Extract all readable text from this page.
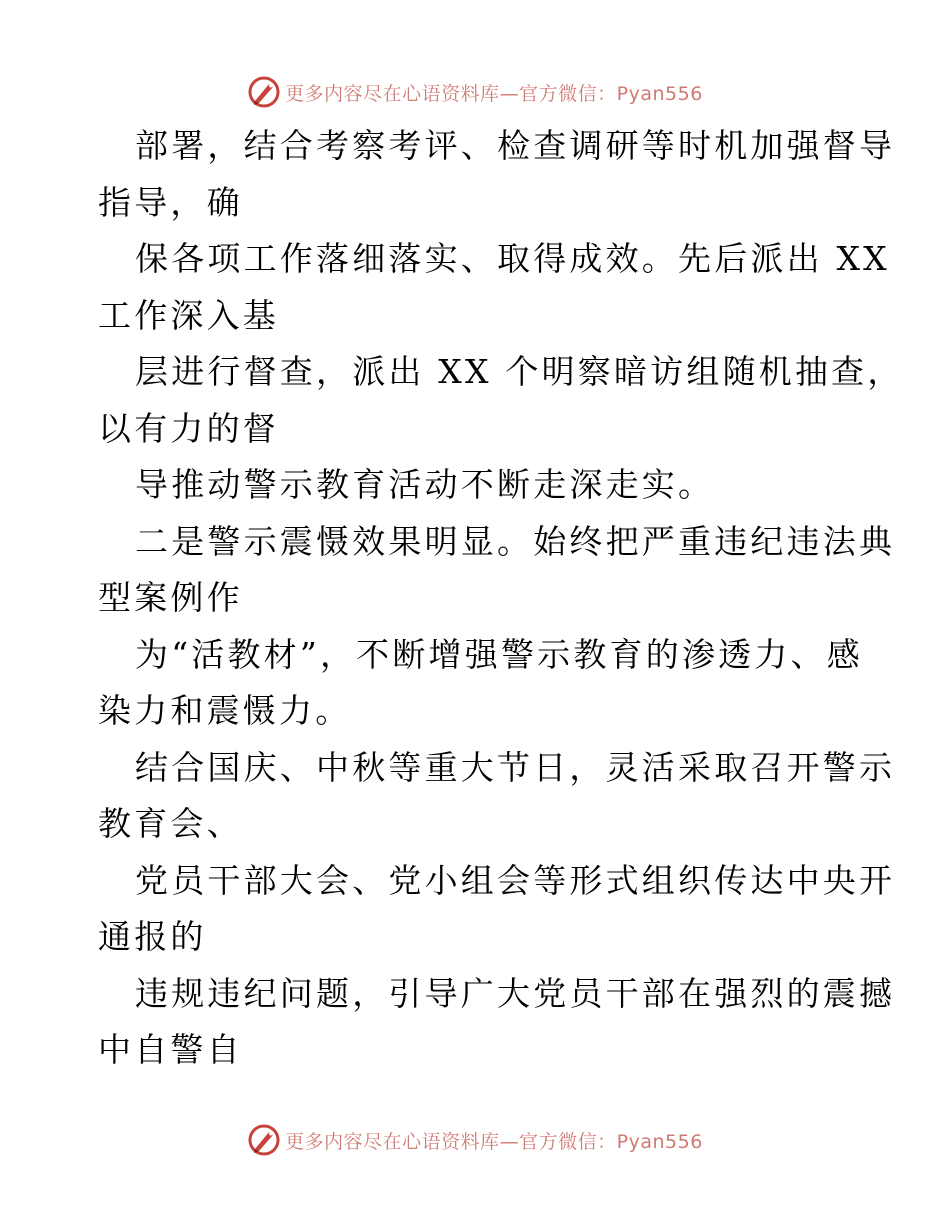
更多内容尽在心语资料库—官方微信：Pyan556
部署，结合考察考评、检查调研等时机加强督导
指导，确
保各项工作落细落实、取得成效。先后派出 XX
工作深入基
层进行督查，派出 XX 个明察暗访组随机抽查，
以有力的督
导推动警示教育活动不断走深走实。
二是警示震慑效果明显。始终把严重违纪违法典
型案例作
为“活教材”，不断增强警示教育的渗透力、感
染力和震慑力。
结合国庆、中秋等重大节日，灵活采取召开警示
教育会、
党员干部大会、党小组会等形式组织传达中央开
通报的
违规违纪问题，引导广大党员干部在强烈的震撼
中自警自
更多内容尽在心语资料库—官方微信：Pyan556
